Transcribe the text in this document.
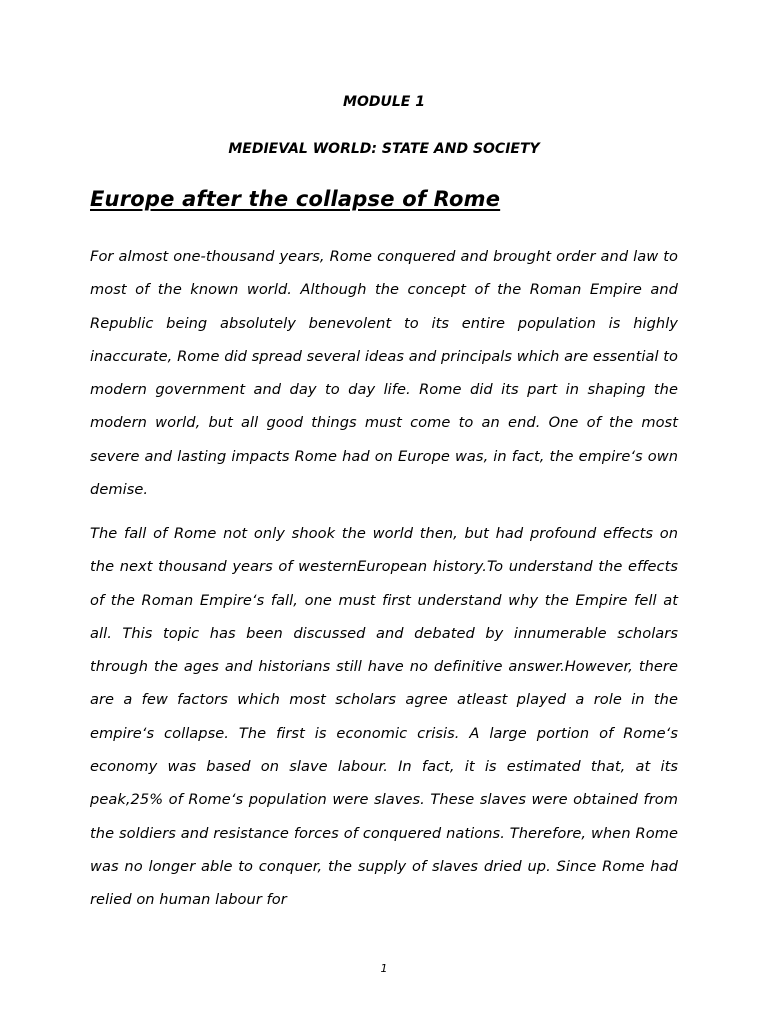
MODULE 1
MEDIEVAL WORLD: STATE AND SOCIETY
Europe after the collapse of Rome

For almost one-thousand years, Rome conquered and brought order and law to most of the known world. Although the concept of the Roman Empire and Republic being absolutely benevolent to its entire population is highly inaccurate, Rome did spread several ideas and principals which are essential to modern government and day to day life. Rome did its part in shaping the modern world, but all good things must come to an end. One of the most severe and lasting impacts Rome had on Europe was, in fact, the empire‘s own demise.

The fall of Rome not only shook the world then, but had profound effects on the next thousand years of westernEuropean history.To understand the effects of the Roman Empire‘s fall, one must first understand why the Empire fell at all. This topic has been discussed and debated by innumerable scholars through the ages and historians still have no definitive answer.However, there are a few factors which most scholars agree atleast played a role in the empire‘s collapse. The first is economic crisis. A large portion of Rome‘s economy was based on slave labour. In fact, it is estimated that, at its peak,25% of Rome‘s population were slaves. These slaves were obtained from the soldiers and resistance forces of conquered nations. Therefore, when Rome was no longer able to conquer, the supply of slaves dried up. Since Rome had relied on human labour for

1
